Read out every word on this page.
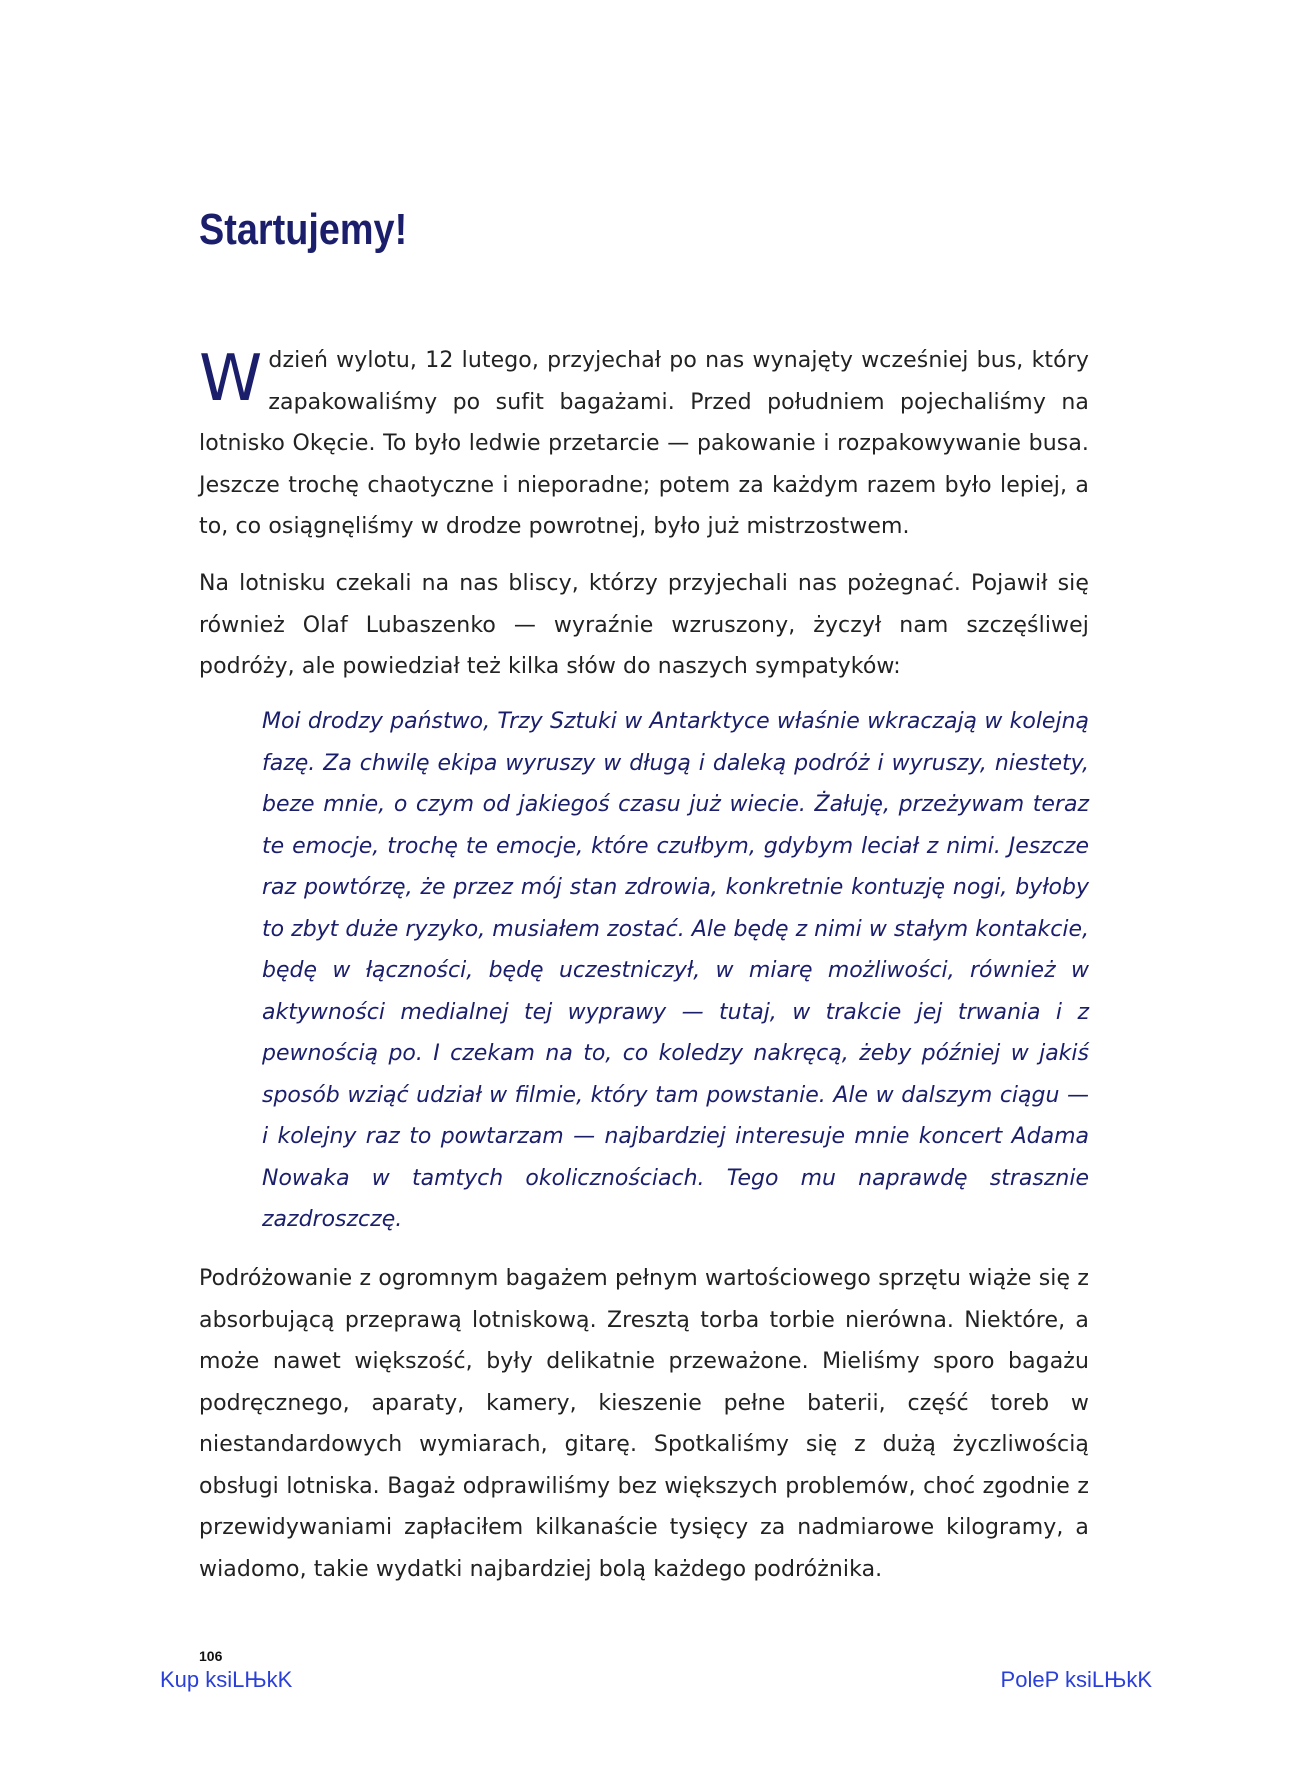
Startujemy!

W dzień wylotu, 12 lutego, przyjechał po nas wynajęty wcześniej bus, który zapakowaliśmy po sufit bagażami. Przed południem pojechaliśmy na lotnisko Okęcie. To było ledwie przetarcie — pakowanie i rozpakowywanie busa. Jeszcze trochę chaotyczne i nieporadne; potem za każdym razem było lepiej, a to, co osiągnęliśmy w drodze powrotnej, było już mistrzostwem.

Na lotnisku czekali na nas bliscy, którzy przyjechali nas pożegnać. Pojawił się również Olaf Lubaszenko — wyraźnie wzruszony, życzył nam szczęśliwej podróży, ale powiedział też kilka słów do naszych sympatyków:

Moi drodzy państwo, Trzy Sztuki w Antarktyce właśnie wkraczają w kolejną fazę. Za chwilę ekipa wyruszy w długą i daleką podróż i wyruszy, niestety, beze mnie, o czym od jakiegoś czasu już wiecie. Żałuję, przeżywam teraz te emocje, trochę te emocje, które czułbym, gdybym leciał z nimi. Jeszcze raz powtórzę, że przez mój stan zdrowia, konkretnie kontuzję nogi, byłoby to zbyt duże ryzyko, musiałem zostać. Ale będę z nimi w stałym kontakcie, będę w łączności, będę uczestniczył, w miarę możliwości, również w aktywności medialnej tej wyprawy — tutaj, w trakcie jej trwania i z pewnością po. I czekam na to, co koledzy nakręcą, żeby później w jakiś sposób wziąć udział w filmie, który tam powstanie. Ale w dalszym ciągu — i kolejny raz to powtarzam — najbardziej interesuje mnie koncert Adama Nowaka w tamtych okolicznościach. Tego mu naprawdę strasznie zazdroszczę.

Podróżowanie z ogromnym bagażem pełnym wartościowego sprzętu wiąże się z absorbującą przeprawą lotniskową. Zresztą torba torbie nierówna. Niektóre, a może nawet większość, były delikatnie przeważone. Mieliśmy sporo bagażu podręcznego, aparaty, kamery, kieszenie pełne baterii, część toreb w niestandardowych wymiarach, gitarę. Spotkaliśmy się z dużą życzliwością obsługi lotniska. Bagaż odprawiliśmy bez większych problemów, choć zgodnie z przewidywaniami zapłaciłem kilkanaście tysięcy za nadmiarowe kilogramy, a wiadomo, takie wydatki najbardziej bolą każdego podróżnika.

106
Kup ksiLЊkK	PoleP ksiLЊkK
